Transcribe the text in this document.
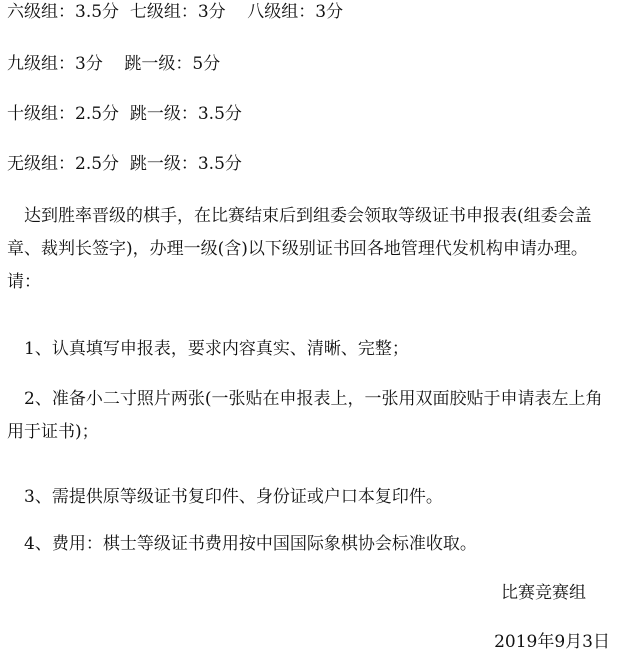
六级组：3.5分  七级组：3分    八级组：3分
九级组：3分    跳一级：5分
十级组：2.5分  跳一级：3.5分
无级组：2.5分  跳一级：3.5分
达到胜率晋级的棋手，在比赛结束后到组委会领取等级证书申报表(组委会盖章、裁判长签字)，办理一级(含)以下级别证书回各地管理代发机构申请办理。请：
1、认真填写申报表，要求内容真实、清晰、完整；
2、准备小二寸照片两张(一张贴在申报表上，一张用双面胶贴于申请表左上角用于证书)；
3、需提供原等级证书复印件、身份证或户口本复印件。
4、费用：棋士等级证书费用按中国国际象棋协会标准收取。
比赛竞赛组
2019年9月3日
